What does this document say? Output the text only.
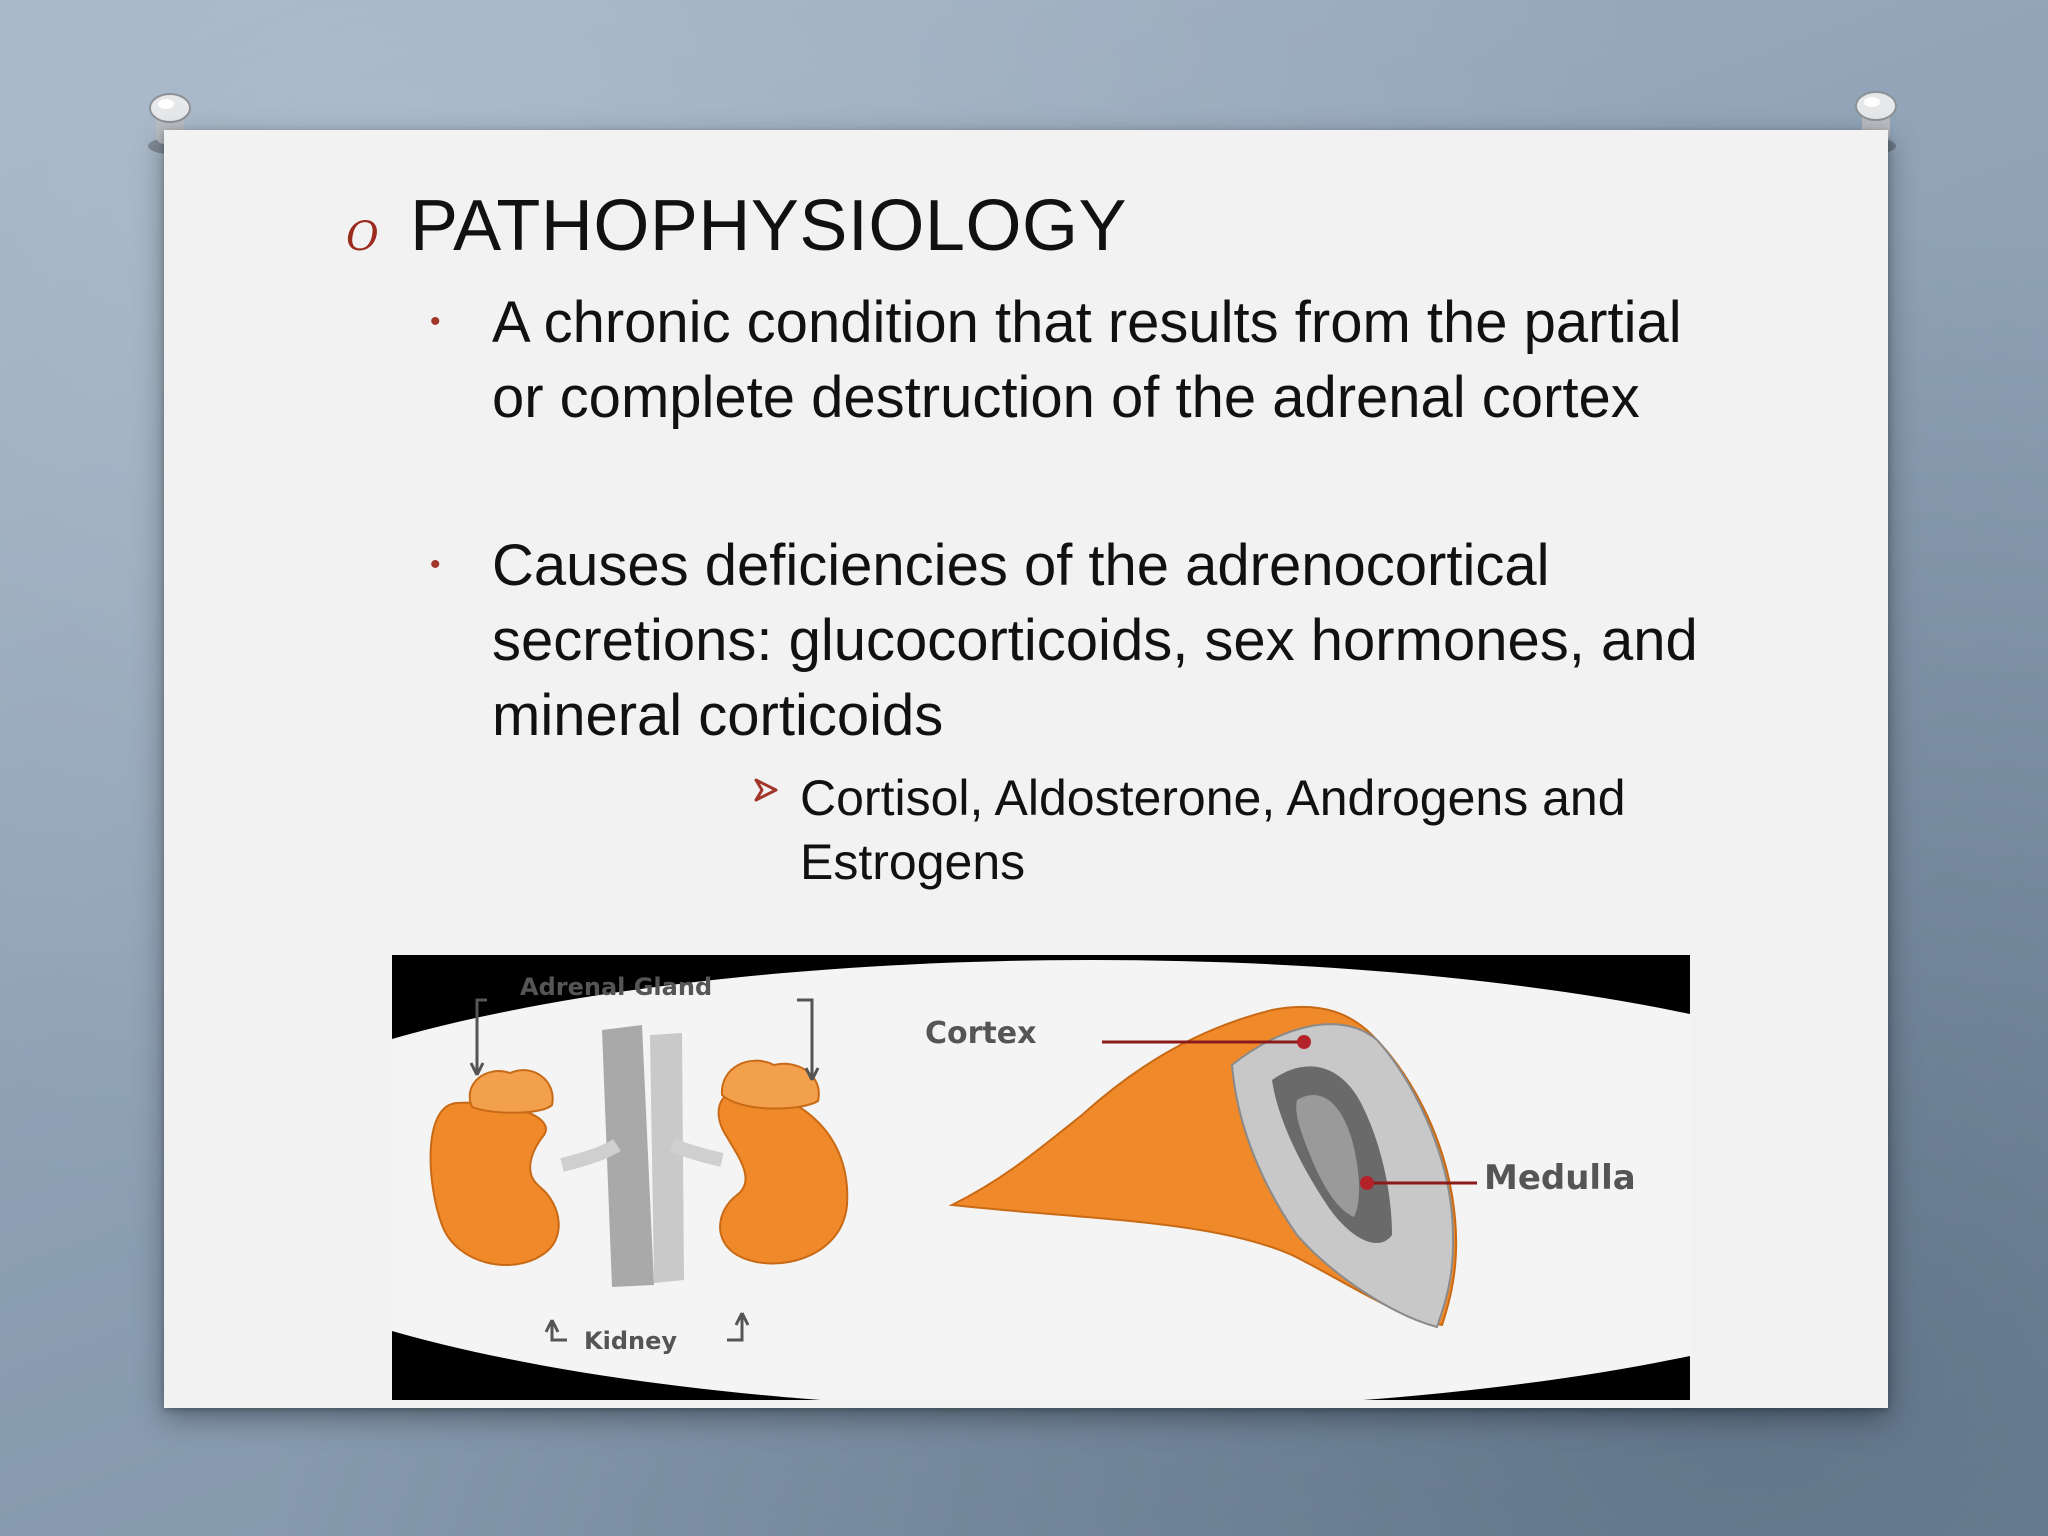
O PATHOPHYSIOLOGY
• A chronic condition that results from the partial or complete destruction of the adrenal cortex
• Causes deficiencies of the adrenocortical secretions: glucocorticoids, sex hormones, and mineral corticoids
Cortisol, Aldosterone, Androgens and Estrogens
Adrenal Gland
Kidney
Cortex
Medulla
